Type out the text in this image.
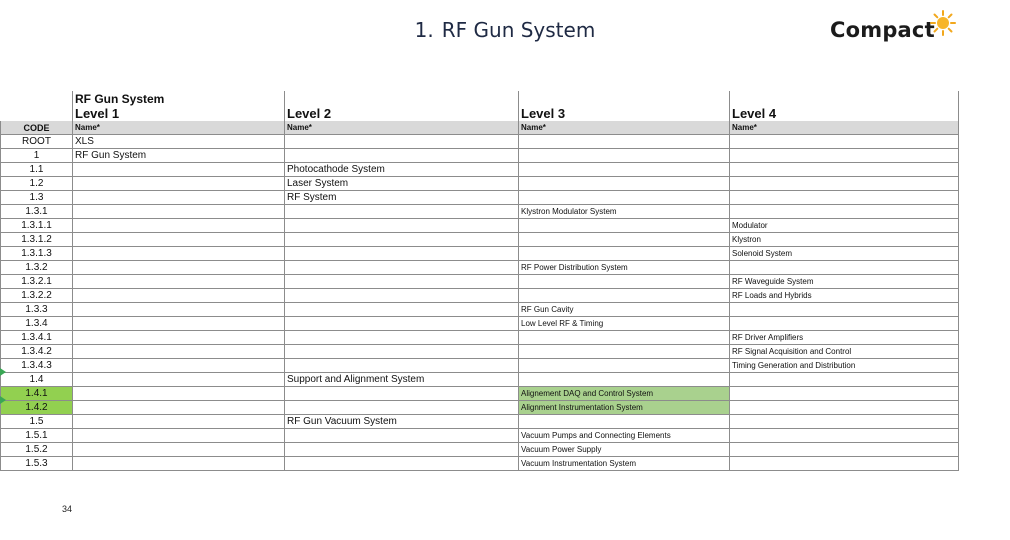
1. RF Gun System	Compact
	RF Gun System			
	Level 1	Level 2	Level 3	Level 4
CODE	Name*	Name*	Name*	Name*
ROOT	XLS			
1	RF Gun System			
1.1		Photocathode System		
1.2		Laser System		
1.3		RF System		
1.3.1			Klystron Modulator System	
1.3.1.1				Modulator
1.3.1.2				Klystron
1.3.1.3				Solenoid System
1.3.2			RF Power Distribution System	
1.3.2.1				RF Waveguide System
1.3.2.2				RF Loads and Hybrids
1.3.3			RF Gun Cavity	
1.3.4			Low Level RF & Timing	
1.3.4.1				RF Driver Amplifiers
1.3.4.2				RF Signal Acquisition and Control
1.3.4.3				Timing Generation and Distribution
1.4		Support and Alignment System		
1.4.1			Alignement DAQ and Control System	
1.4.2			Alignment Instrumentation System	
1.5		RF Gun Vacuum System		
1.5.1			Vacuum Pumps and Connecting Elements	
1.5.2			Vacuum Power Supply	
1.5.3			Vacuum Instrumentation System	
34
